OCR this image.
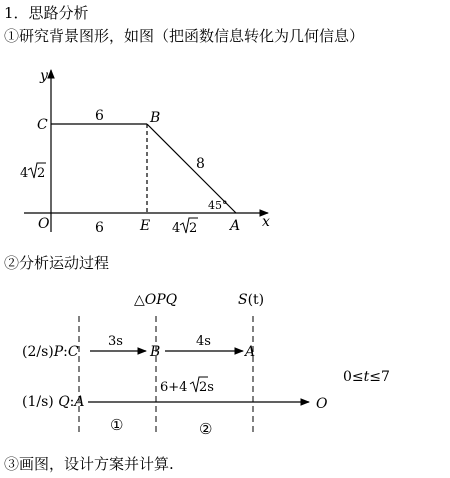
1．思路分析
①研究背景图形，如图（把函数信息转化为几何信息）
②分析运动过程
③画图，设计方案并计算.
y
x
C	B
O	E	A
6
6
8
45°
4 2
4 2
△OPQ	S(t)
(2/s)P:C
3s
B
4s
A
(1/s) Q:A
6+4 2s
O
0≤t≤7
①	②
